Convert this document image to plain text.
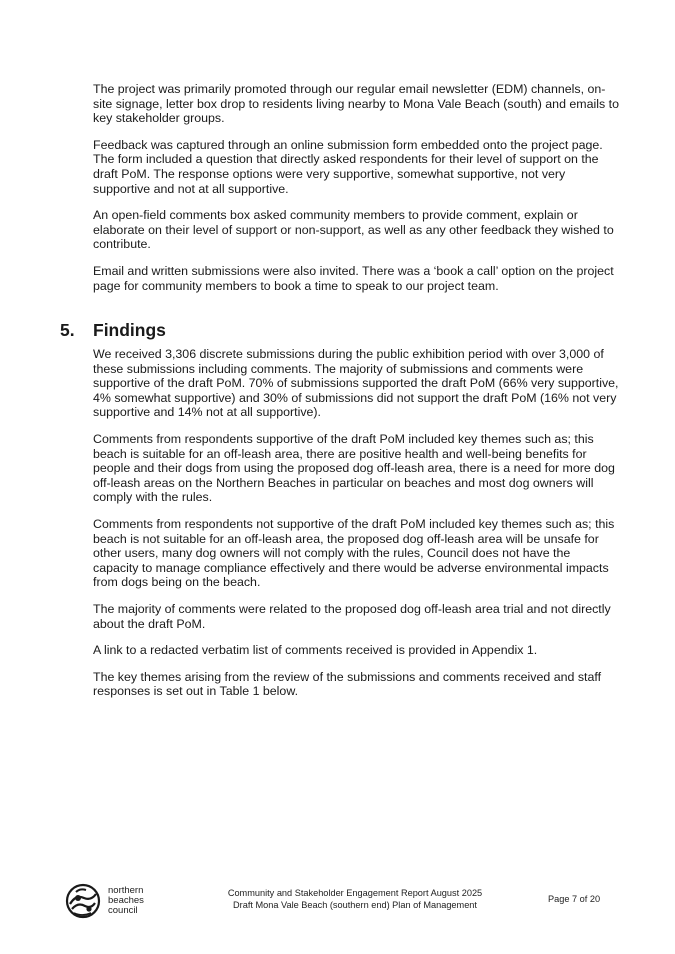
The project was primarily promoted through our regular email newsletter (EDM) channels, on-site signage, letter box drop to residents living nearby to Mona Vale Beach (south) and emails to key stakeholder groups.

Feedback was captured through an online submission form embedded onto the project page. The form included a question that directly asked respondents for their level of support on the draft PoM. The response options were very supportive, somewhat supportive, not very supportive and not at all supportive.

An open-field comments box asked community members to provide comment, explain or elaborate on their level of support or non-support, as well as any other feedback they wished to contribute.

Email and written submissions were also invited. There was a ‘book a call’ option on the project page for community members to book a time to speak to our project team.

5.	Findings

We received 3,306 discrete submissions during the public exhibition period with over 3,000 of these submissions including comments. The majority of submissions and comments were supportive of the draft PoM. 70% of submissions supported the draft PoM (66% very supportive, 4% somewhat supportive) and 30% of submissions did not support the draft PoM (16% not very supportive and 14% not at all supportive).

Comments from respondents supportive of the draft PoM included key themes such as; this beach is suitable for an off-leash area, there are positive health and well-being benefits for people and their dogs from using the proposed dog off-leash area, there is a need for more dog off-leash areas on the Northern Beaches in particular on beaches and most dog owners will comply with the rules.

Comments from respondents not supportive of the draft PoM included key themes such as; this beach is not suitable for an off-leash area, the proposed dog off-leash area will be unsafe for other users, many dog owners will not comply with the rules, Council does not have the capacity to manage compliance effectively and there would be adverse environmental impacts from dogs being on the beach.

The majority of comments were related to the proposed dog off-leash area trial and not directly about the draft PoM.

A link to a redacted verbatim list of comments received is provided in Appendix 1.

The key themes arising from the review of the submissions and comments received and staff responses is set out in Table 1 below.

northern
beaches
council
Community and Stakeholder Engagement Report August 2025
Draft Mona Vale Beach (southern end) Plan of Management
Page 7 of 20
